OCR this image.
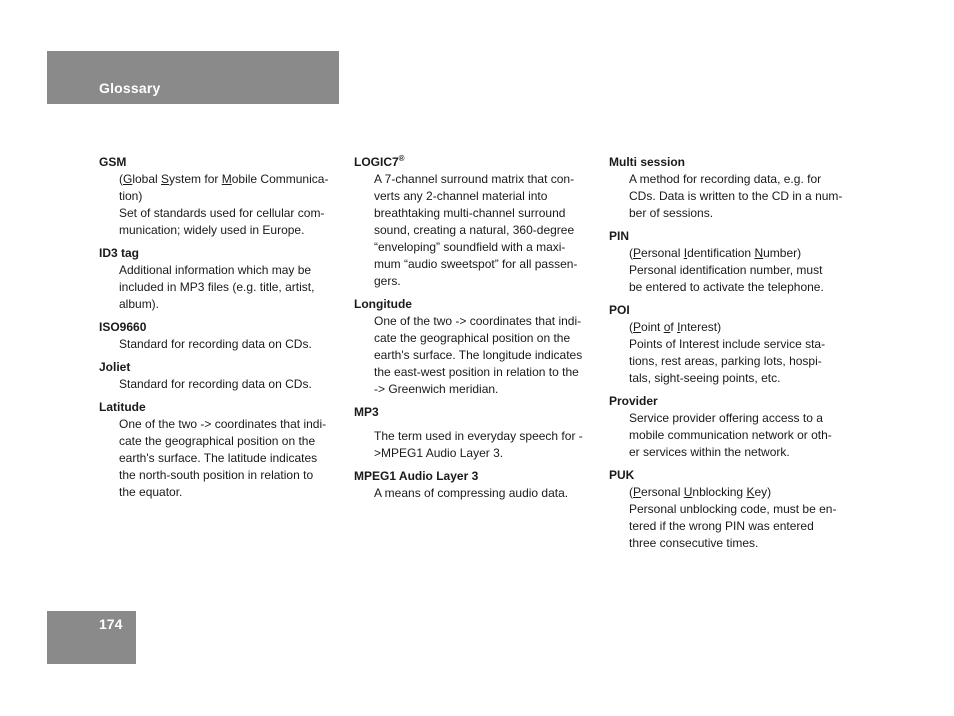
Glossary
GSM
(Global System for Mobile Communica-
tion)
Set of standards used for cellular com-
munication; widely used in Europe.
ID3 tag
Additional information which may be
included in MP3 files (e.g. title, artist,
album).
ISO9660
Standard for recording data on CDs.
Joliet
Standard for recording data on CDs.
Latitude
One of the two -> coordinates that indi-
cate the geographical position on the
earth's surface. The latitude indicates
the north-south position in relation to
the equator.
LOGIC7®
A 7-channel surround matrix that con-
verts any 2-channel material into
breathtaking multi-channel surround
sound, creating a natural, 360-degree
“enveloping” soundfield with a maxi-
mum “audio sweetspot” for all passen-
gers.
Longitude
One of the two -> coordinates that indi-
cate the geographical position on the
earth's surface. The longitude indicates
the east-west position in relation to the
-> Greenwich meridian.
MP3
The term used in everyday speech for -
>MPEG1 Audio Layer 3.
MPEG1 Audio Layer 3
A means of compressing audio data.
Multi session
A method for recording data, e.g. for
CDs. Data is written to the CD in a num-
ber of sessions.
PIN
(Personal Identification Number)
Personal identification number, must
be entered to activate the telephone.
POI
(Point of Interest)
Points of Interest include service sta-
tions, rest areas, parking lots, hospi-
tals, sight-seeing points, etc.
Provider
Service provider offering access to a
mobile communication network or oth-
er services within the network.
PUK
(Personal Unblocking Key)
Personal unblocking code, must be en-
tered if the wrong PIN was entered
three consecutive times.
174
